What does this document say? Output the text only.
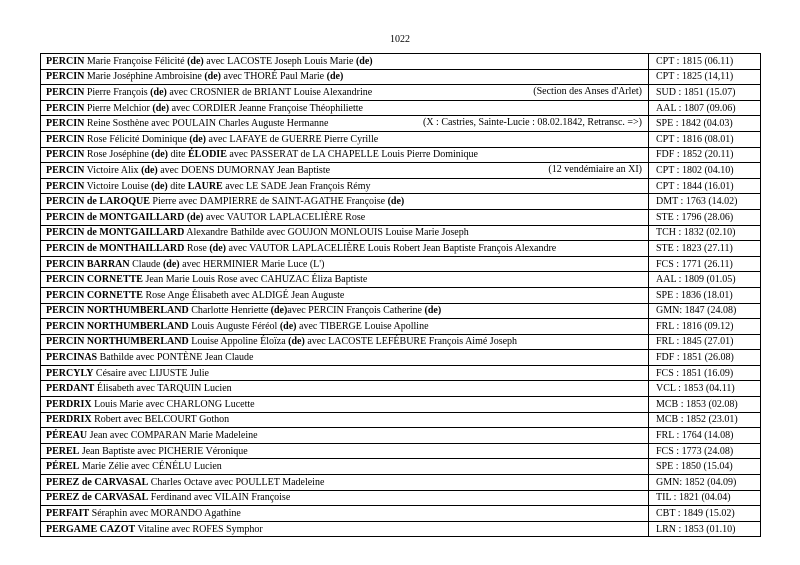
1022
PERCIN Marie Françoise Félicité (de) avec LACOSTE Joseph Louis Marie (de)	CPT : 1815 (06.11)
PERCIN Marie Joséphine Ambroisine (de) avec THORÉ Paul Marie (de)	CPT : 1825 (14,11)
PERCIN Pierre François (de) avec CROSNIER de BRIANT Louise Alexandrine (Section des Anses d'Arlet)	SUD : 1851 (15.07)
PERCIN Pierre Melchior (de) avec CORDIER Jeanne Françoise Théophiliette	AAL : 1807 (09.06)
PERCIN Reine Sosthène avec POULAIN Charles Auguste Hermanne (X : Castries, Sainte-Lucie : 08.02.1842, Retransc. =>)	SPE : 1842 (04.03)
PERCIN Rose Félicité Dominique (de) avec LAFAYE de GUERRE Pierre Cyrille	CPT : 1816 (08.01)
PERCIN Rose Joséphine (de) dite ÉLODIE avec PASSERAT de LA CHAPELLE Louis Pierre Dominique	FDF : 1852 (20.11)
PERCIN Victoire Alix (de) avec DOENS DUMORNAY Jean Baptiste (12 vendémiaire an XI)	CPT : 1802 (04.10)
PERCIN Victoire Louise (de) dite LAURE avec LE SADE Jean François Rémy	CPT : 1844 (16.01)
PERCIN de LAROQUE Pierre avec DAMPIERRE de SAINT-AGATHE Françoise (de)	DMT : 1763 (14.02)
PERCIN de MONTGAILLARD (de) avec VAUTOR LAPLACELIÈRE Rose	STE : 1796 (28.06)
PERCIN de MONTGAILLARD Alexandre Bathilde avec GOUJON MONLOUIS Louise Marie Joseph	TCH : 1832 (02.10)
PERCIN de MONTHAILLARD Rose (de) avec VAUTOR LAPLACELIÈRE Louis Robert Jean Baptiste François Alexandre	STE : 1823 (27.11)
PERCIN BARRAN Claude (de) avec HERMINIER Marie Luce (L')	FCS : 1771 (26.11)
PERCIN CORNETTE Jean Marie Louis Rose avec CAHUZAC Éliza Baptiste	AAL : 1809 (01.05)
PERCIN CORNETTE Rose Ange Élisabeth avec ALDIGÉ Jean Auguste	SPE : 1836 (18.01)
PERCIN NORTHUMBERLAND Charlotte Henriette (de)avec PERCIN François Catherine (de)	GMN: 1847 (24.08)
PERCIN NORTHUMBERLAND Louis Auguste Féréol (de) avec TIBERGE Louise Apolline	FRL : 1816 (09.12)
PERCIN NORTHUMBERLAND Louise Appoline Éloïza (de) avec LACOSTE LEFÉBURE François Aimé Joseph	FRL : 1845 (27.01)
PERCINAS Bathilde avec PONTÈNE Jean Claude	FDF : 1851 (26.08)
PERCYLY Césaire avec LIJUSTE Julie	FCS : 1851 (16.09)
PERDANT Élisabeth avec TARQUIN Lucien	VCL : 1853 (04.11)
PERDRIX Louis Marie avec CHARLONG Lucette	MCB : 1853 (02.08)
PERDRIX Robert avec BELCOURT Gothon	MCB : 1852 (23.01)
PÉREAU Jean avec COMPARAN Marie Madeleine	FRL : 1764 (14.08)
PEREL Jean Baptiste avec PICHERIE Véronique	FCS : 1773 (24.08)
PÉREL Marie Zélie avec CÉNÉLU Lucien	SPE : 1850 (15.04)
PEREZ de CARVASAL Charles Octave avec POULLET Madeleine	GMN: 1852 (04.09)
PEREZ de CARVASAL Ferdinand avec VILAIN Françoise	TIL : 1821 (04.04)
PERFAIT Séraphin avec MORANDO Agathine	CBT : 1849 (15.02)
PERGAME CAZOT Vitaline avec ROFES Symphor	LRN : 1853 (01.10)
